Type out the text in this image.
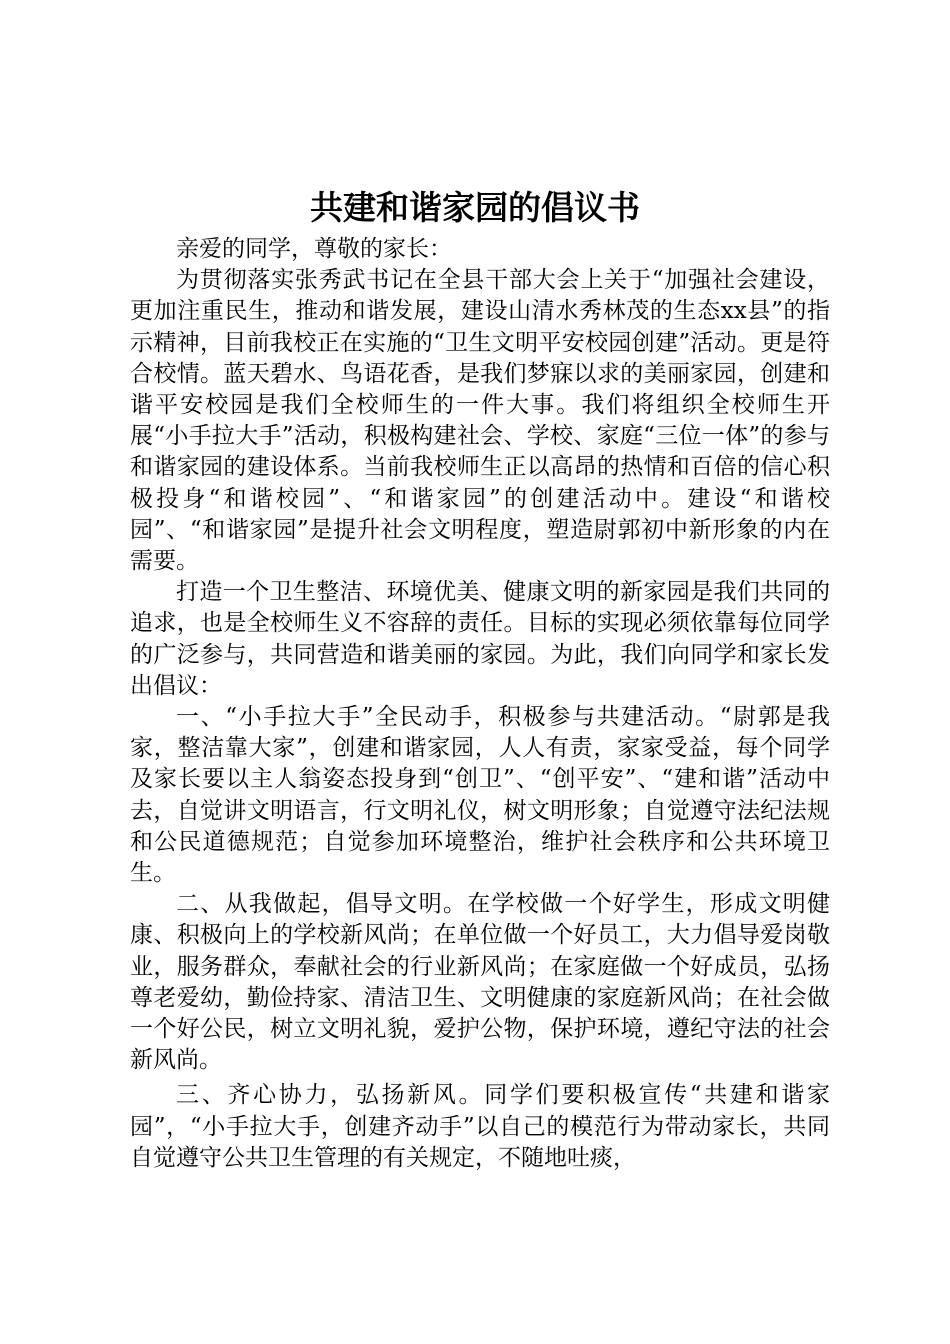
共建和谐家园的倡议书

亲爱的同学，尊敬的家长：

为贯彻落实张秀武书记在全县干部大会上关于“加强社会建设，更加注重民生，推动和谐发展，建设山清水秀林茂的生态xx县”的指示精神，目前我校正在实施的“卫生文明平安校园创建”活动。更是符合校情。蓝天碧水、鸟语花香，是我们梦寐以求的美丽家园，创建和谐平安校园是我们全校师生的一件大事。我们将组织全校师生开展“小手拉大手”活动，积极构建社会、学校、家庭“三位一体”的参与和谐家园的建设体系。当前我校师生正以高昂的热情和百倍的信心积极投身“和谐校园”、“和谐家园”的创建活动中。建设“和谐校园”、“和谐家园”是提升社会文明程度，塑造尉郭初中新形象的内在需要。

打造一个卫生整洁、环境优美、健康文明的新家园是我们共同的追求，也是全校师生义不容辞的责任。目标的实现必须依靠每位同学的广泛参与，共同营造和谐美丽的家园。为此，我们向同学和家长发出倡议：

一、“小手拉大手”全民动手，积极参与共建活动。“尉郭是我家，整洁靠大家”，创建和谐家园，人人有责，家家受益，每个同学及家长要以主人翁姿态投身到“创卫”、“创平安”、“建和谐”活动中去，自觉讲文明语言，行文明礼仪，树文明形象；自觉遵守法纪法规和公民道德规范；自觉参加环境整治，维护社会秩序和公共环境卫生。

二、从我做起，倡导文明。在学校做一个好学生，形成文明健康、积极向上的学校新风尚；在单位做一个好员工，大力倡导爱岗敬业，服务群众，奉献社会的行业新风尚；在家庭做一个好成员，弘扬尊老爱幼，勤俭持家、清洁卫生、文明健康的家庭新风尚；在社会做一个好公民，树立文明礼貌，爱护公物，保护环境，遵纪守法的社会新风尚。

三、齐心协力，弘扬新风。同学们要积极宣传“共建和谐家园”，“小手拉大手，创建齐动手”以自己的模范行为带动家长，共同自觉遵守公共卫生管理的有关规定，不随地吐痰，
